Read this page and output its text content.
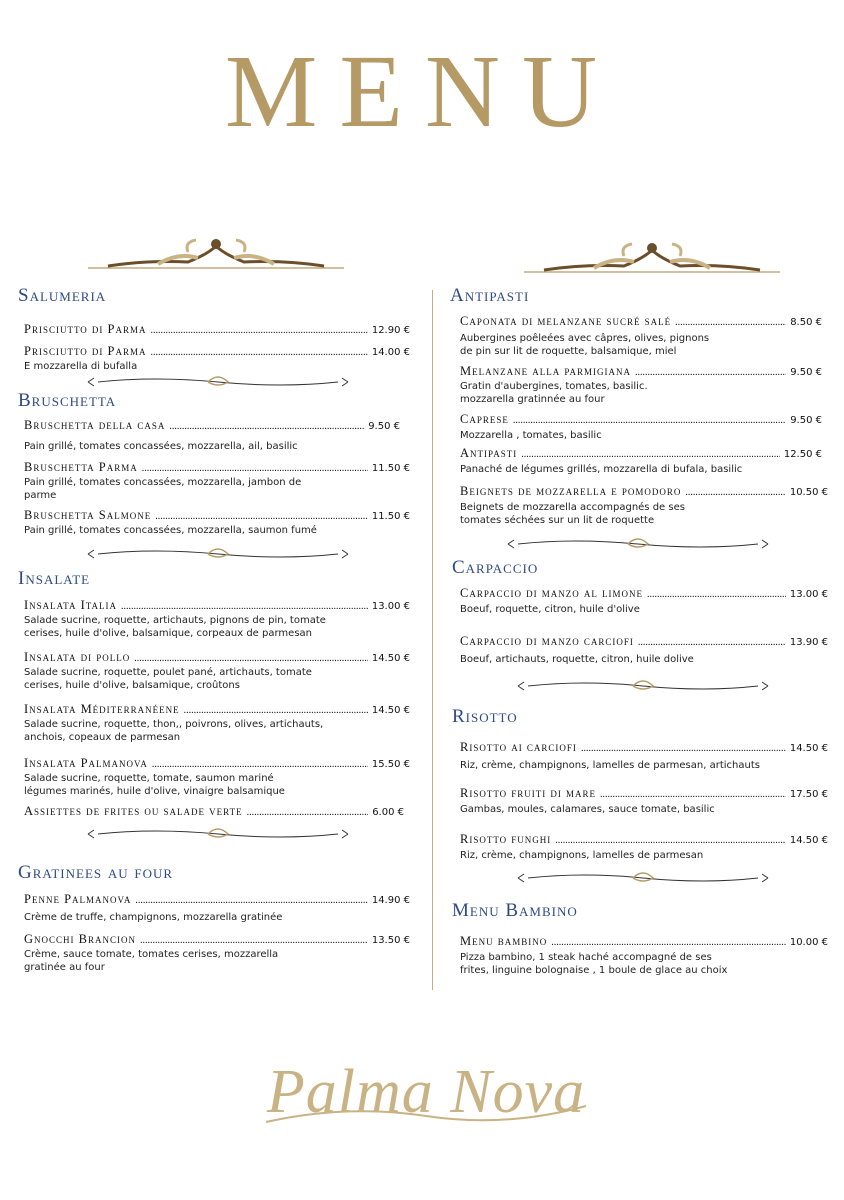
MENU
Salumeria
Prisciutto di Parma .....	12.90 €
Prisciutto di Parma .....	14.00 €
E mozzarella di bufalla
Bruschetta
Bruschetta della casa .....	9.50 €
Pain grillé, tomates concassées, mozzarella, ail, basilic
Bruschetta Parma .....	11.50 €
Pain grillé, tomates concassées, mozzarella, jambon de parme
Bruschetta Salmone .....	11.50 €
Pain grillé, tomates concassées, mozzarella, saumon fumé
Insalate
Insalata Italia .....	13.00 €
Salade sucrine, roquette, artichauts, pignons de pin, tomate cerises, huile d'olive, balsamique, corpeaux de parmesan
Insalata di pollo .....	14.50 €
Salade sucrine, roquette, poulet pané, artichauts, tomate cerises, huile d'olive, balsamique, croûtons
Insalata Méditerranéene .....	14.50 €
Salade sucrine, roquette, thon,, poivrons, olives, artichauts, anchois, copeaux de parmesan
Insalata Palmanova .....	15.50 €
Salade sucrine, roquette, tomate, saumon mariné légumes marinés, huile d'olive, vinaigre balsamique
Assiettes de frites ou salade verte .....	6.00 €
Gratinees au four
Penne Palmanova .....	14.90 €
Crème de truffe, champignons, mozzarella gratinée
Gnocchi Brancion .....	13.50 €
Crème, sauce tomate, tomates cerises, mozzarella gratinée au four
Antipasti
Caponata di melanzane sucré salé .....	8.50 €
Aubergines poêleées avec câpres, olives, pignons de pin sur lit de roquette, balsamique, miel
Melanzane alla parmigiana .....	9.50 €
Gratin d'aubergines, tomates, basilic. mozzarella gratinnée au four
Caprese .....	9.50 €
Mozzarella , tomates, basilic
Antipasti .....	12.50 €
Panaché de légumes grillés, mozzarella di bufala, basilic
Beignets de mozzarella e pomodoro .....	10.50 €
Beignets de mozzarella accompagnés de ses tomates séchées sur un lit de roquette
Carpaccio
Carpaccio di manzo al limone .....	13.00 €
Boeuf, roquette, citron, huile d'olive
Carpaccio di manzo carciofi .....	13.90 €
Boeuf, artichauts, roquette, citron, huile dolive
Risotto
Risotto ai carciofi .....	14.50 €
Riz, crème, champignons, lamelles de parmesan, artichauts
Risotto fruiti di mare .....	17.50 €
Gambas, moules, calamares, sauce tomate, basilic
Risotto funghi .....	14.50 €
Riz, crème, champignons, lamelles de parmesan
Menu Bambino
Menu bambino .....	10.00 €
Pizza bambino, 1 steak haché accompagné de ses frites, linguine bolognaise , 1 boule de glace au choix
Palma Nova
